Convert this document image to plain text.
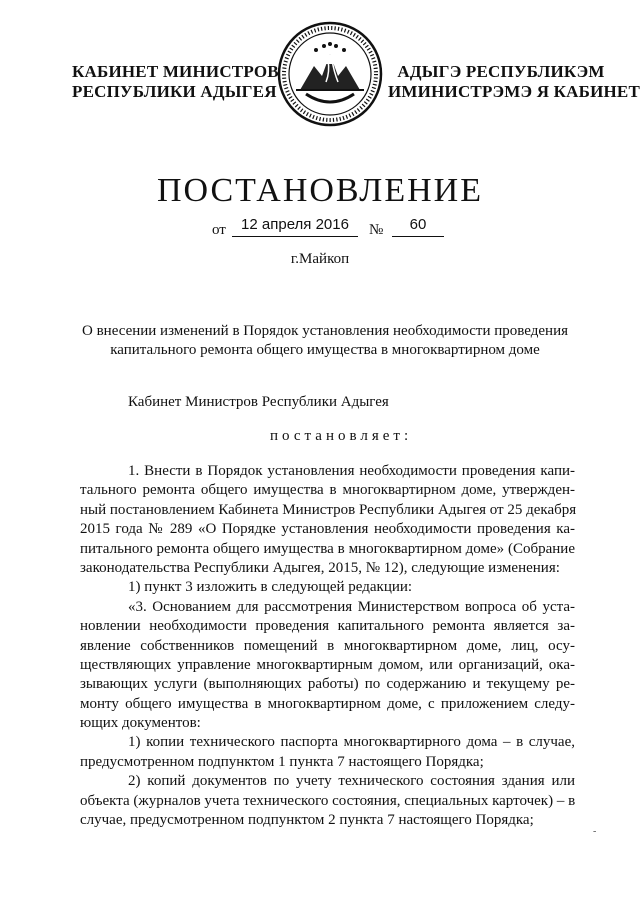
КАБИНЕТ МИНИСТРОВ
РЕСПУБЛИКИ АДЫГЕЯ
АДЫГЭ РЕСПУБЛИКЭМ
ИМИНИСТРЭМЭ Я КАБИНЕТ
ПОСТАНОВЛЕНИЕ
от	12 апреля 2016	№	60
г.Майкоп
О внесении изменений в Порядок установления необходимости проведения
капитального ремонта общего имущества в многоквартирном доме
Кабинет Министров Республики Адыгея
постановляет:
1. Внести в Порядок установления необходимости проведения капи-
тального ремонта общего имущества в многоквартирном доме, утвержден-
ный постановлением Кабинета Министров Республики Адыгея от 25 декабря
2015 года № 289 «О Порядке установления необходимости проведения ка-
питального ремонта общего имущества в многоквартирном доме» (Собрание
законодательства Республики Адыгея, 2015, № 12), следующие изменения:
1) пункт 3 изложить в следующей редакции:
«3. Основанием для рассмотрения Министерством вопроса об уста-
новлении необходимости проведения капитального ремонта является за-
явление собственников помещений в многоквартирном доме, лиц, осу-
ществляющих управление многоквартирным домом, или организаций, ока-
зывающих услуги (выполняющих работы) по содержанию и текущему ре-
монту общего имущества в многоквартирном доме, с приложением следу-
ющих документов:
1) копии технического паспорта многоквартирного дома – в случае,
предусмотренном подпунктом 1 пункта 7 настоящего Порядка;
2) копий документов по учету технического состояния здания или
объекта (журналов учета технического состояния, специальных карточек) – в
случае, предусмотренном подпунктом 2 пункта 7 настоящего Порядка;
-
